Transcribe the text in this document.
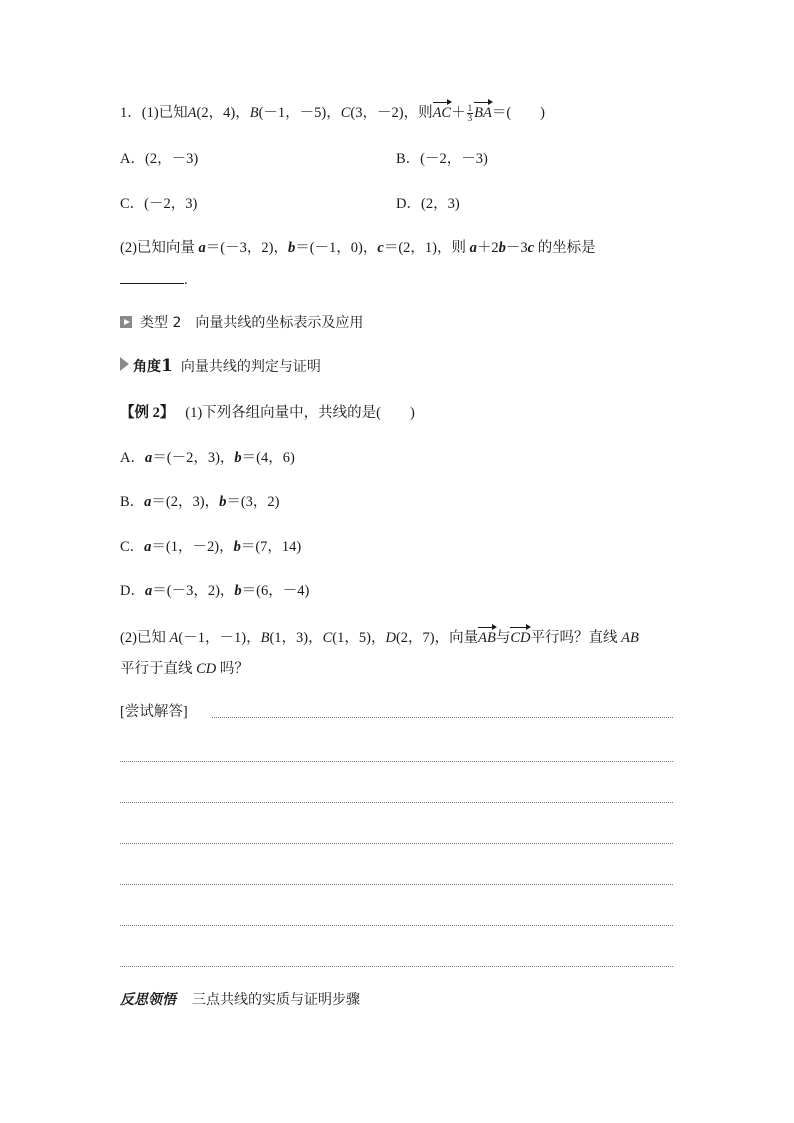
1．(1)已知A(2，4)，B(－1，－5)，C(3，－2)，则$AC+ \frac{1}{3} BA=$(　　)
A．(2，－3)	B．(－2，－3)
C．(－2，3)	D．(2，3)
(2)已知向量 a＝(－3，2)，b＝(－1，0)，c＝(2，1)，则 a＋2b－3c 的坐标是
.
类型 2 向量共线的坐标表示及应用
角度1 向量共线的判定与证明
【例 2】 (1)下列各组向量中，共线的是(　　)
A．a＝(－2，3)，b＝(4，6)
B．a＝(2，3)，b＝(3，2)
C．a＝(1，－2)，b＝(7，14)
D．a＝(－3，2)，b＝(6，－4)
(2)已知 A(－1，－1)，B(1，3)，C(1，5)，D(2，7)，向量AB与CD平行吗？直线 AB
平行于直线 CD 吗？
[尝试解答]
反思领悟 三点共线的实质与证明步骤
